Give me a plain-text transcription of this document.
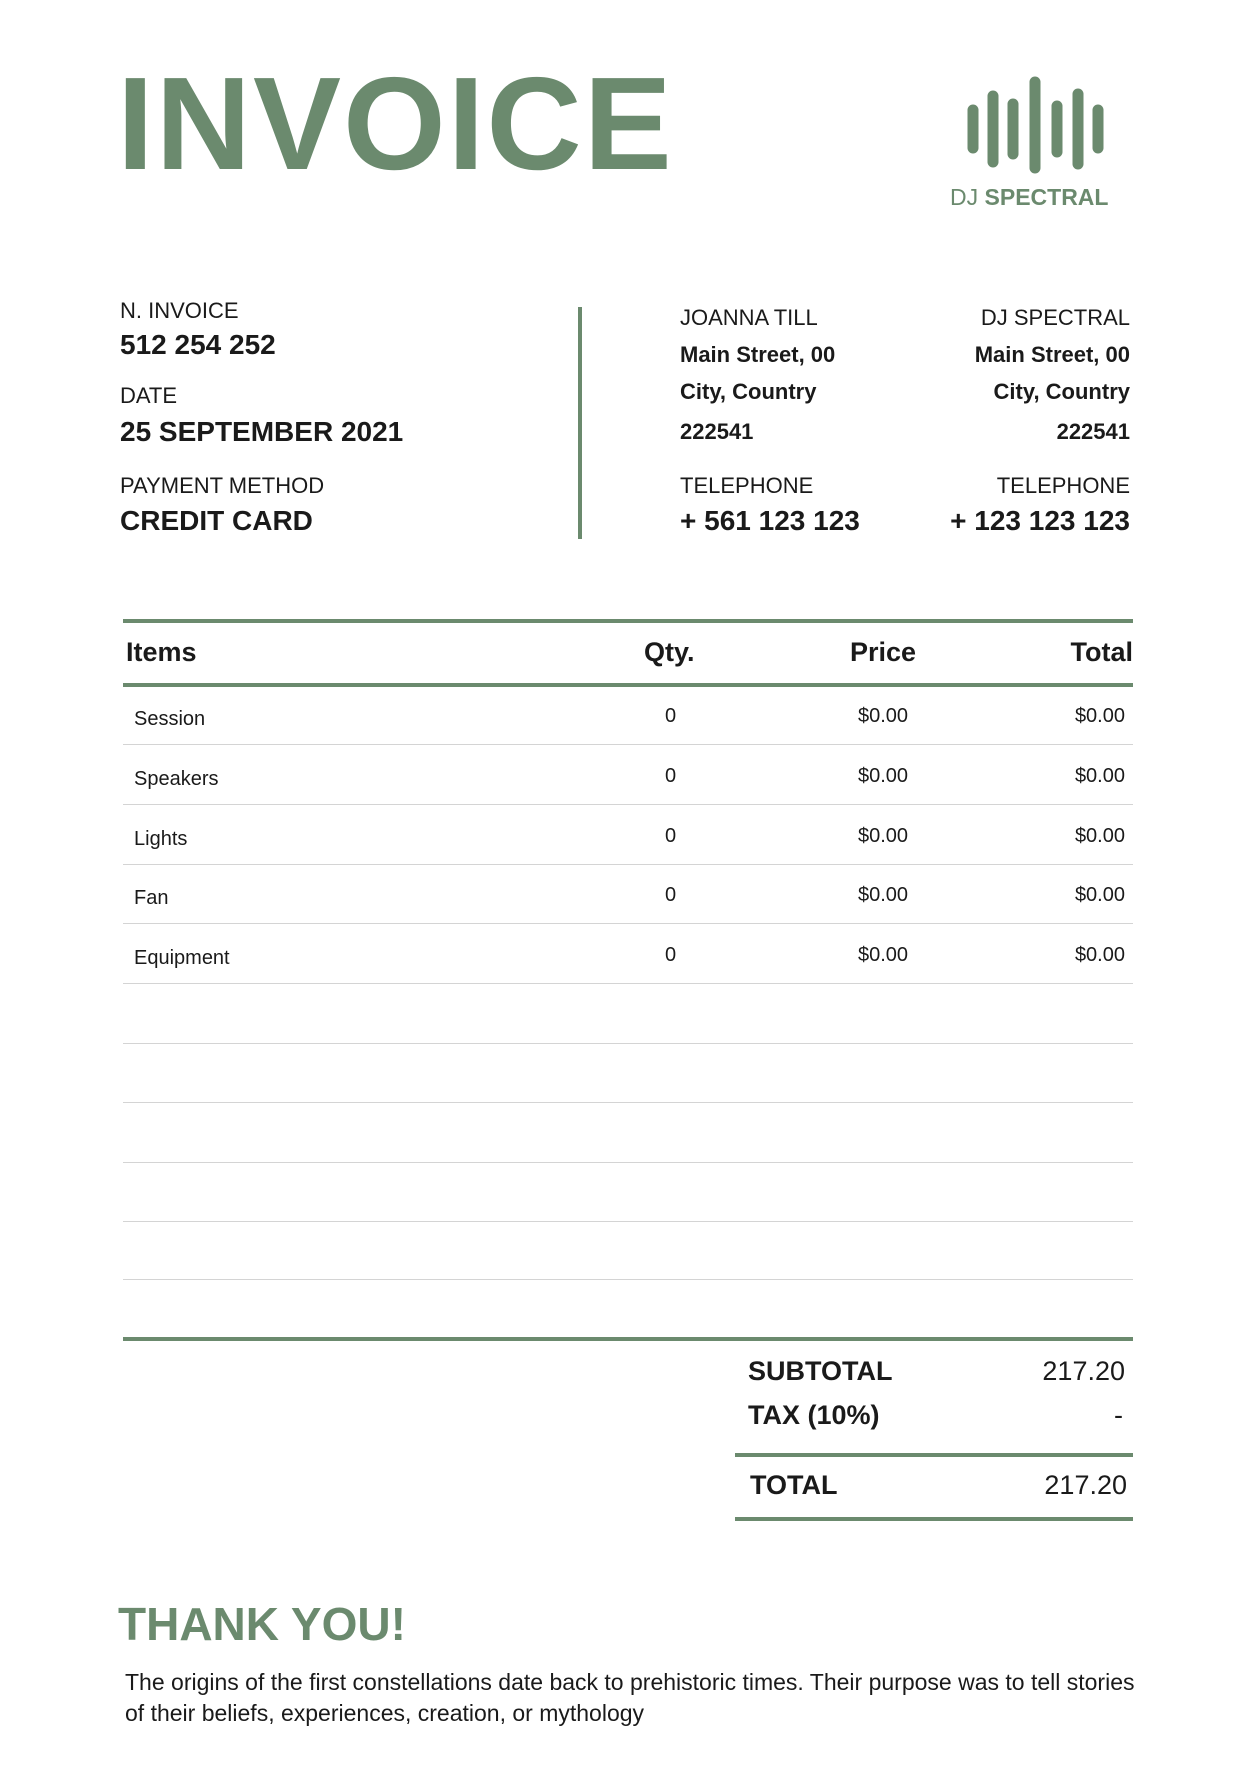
INVOICE	DJ SPECTRAL
N. INVOICE
512 254 252
DATE
25 SEPTEMBER 2021
PAYMENT METHOD
CREDIT CARD
JOANNA TILL
Main Street, 00
City, Country
222541
TELEPHONE
+ 561 123 123
DJ SPECTRAL
Main Street, 00
City, Country
222541
TELEPHONE
+ 123 123 123
Items	Qty.	Price	Total
Session	0	$0.00	$0.00
Speakers	0	$0.00	$0.00
Lights	0	$0.00	$0.00
Fan	0	$0.00	$0.00
Equipment	0	$0.00	$0.00
SUBTOTAL	217.20
TAX (10%)	-
TOTAL	217.20
THANK YOU!
The origins of the first constellations date back to prehistoric times. Their purpose was to tell stories of their beliefs, experiences, creation, or mythology
